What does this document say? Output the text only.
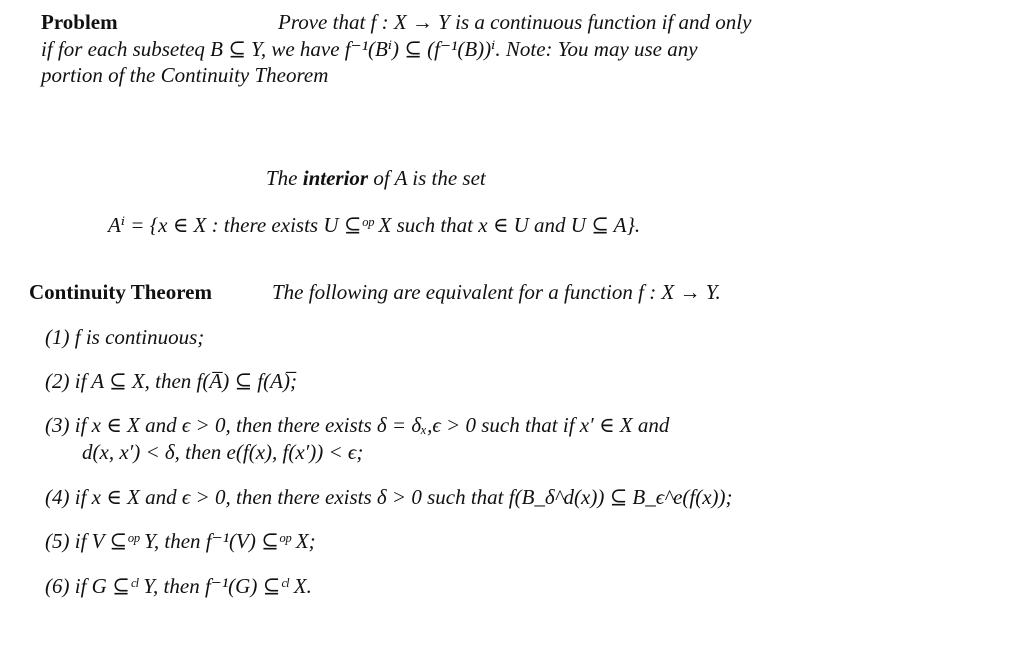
Problem	Prove that f : X → Y is a continuous function if and only
if for each subseteq B ⊆ Y, we have f⁻¹(Bⁱ) ⊆ (f⁻¹(B))ⁱ. Note: You may use any
portion of the Continuity Theorem
The interior of A is the set
Aⁱ = {x ∈ X : there exists U ⊆ᵒᵖ X such that x ∈ U and U ⊆ A}.
Continuity Theorem	The following are equivalent for a function f : X → Y.
(1) f is continuous;
(2) if A ⊆ X, then f(A̅) ⊆ f(A)̅;
(3) if x ∈ X and ϵ > 0, then there exists δ = δₓ,ϵ > 0 such that if x′ ∈ X and
d(x, x′) < δ, then e(f(x), f(x′)) < ϵ;
(4) if x ∈ X and ϵ > 0, then there exists δ > 0 such that f(B_δ^d(x)) ⊆ B_ϵ^e(f(x));
(5) if V ⊆ᵒᵖ Y, then f⁻¹(V) ⊆ᵒᵖ X;
(6) if G ⊆ᶜˡ Y, then f⁻¹(G) ⊆ᶜˡ X.
